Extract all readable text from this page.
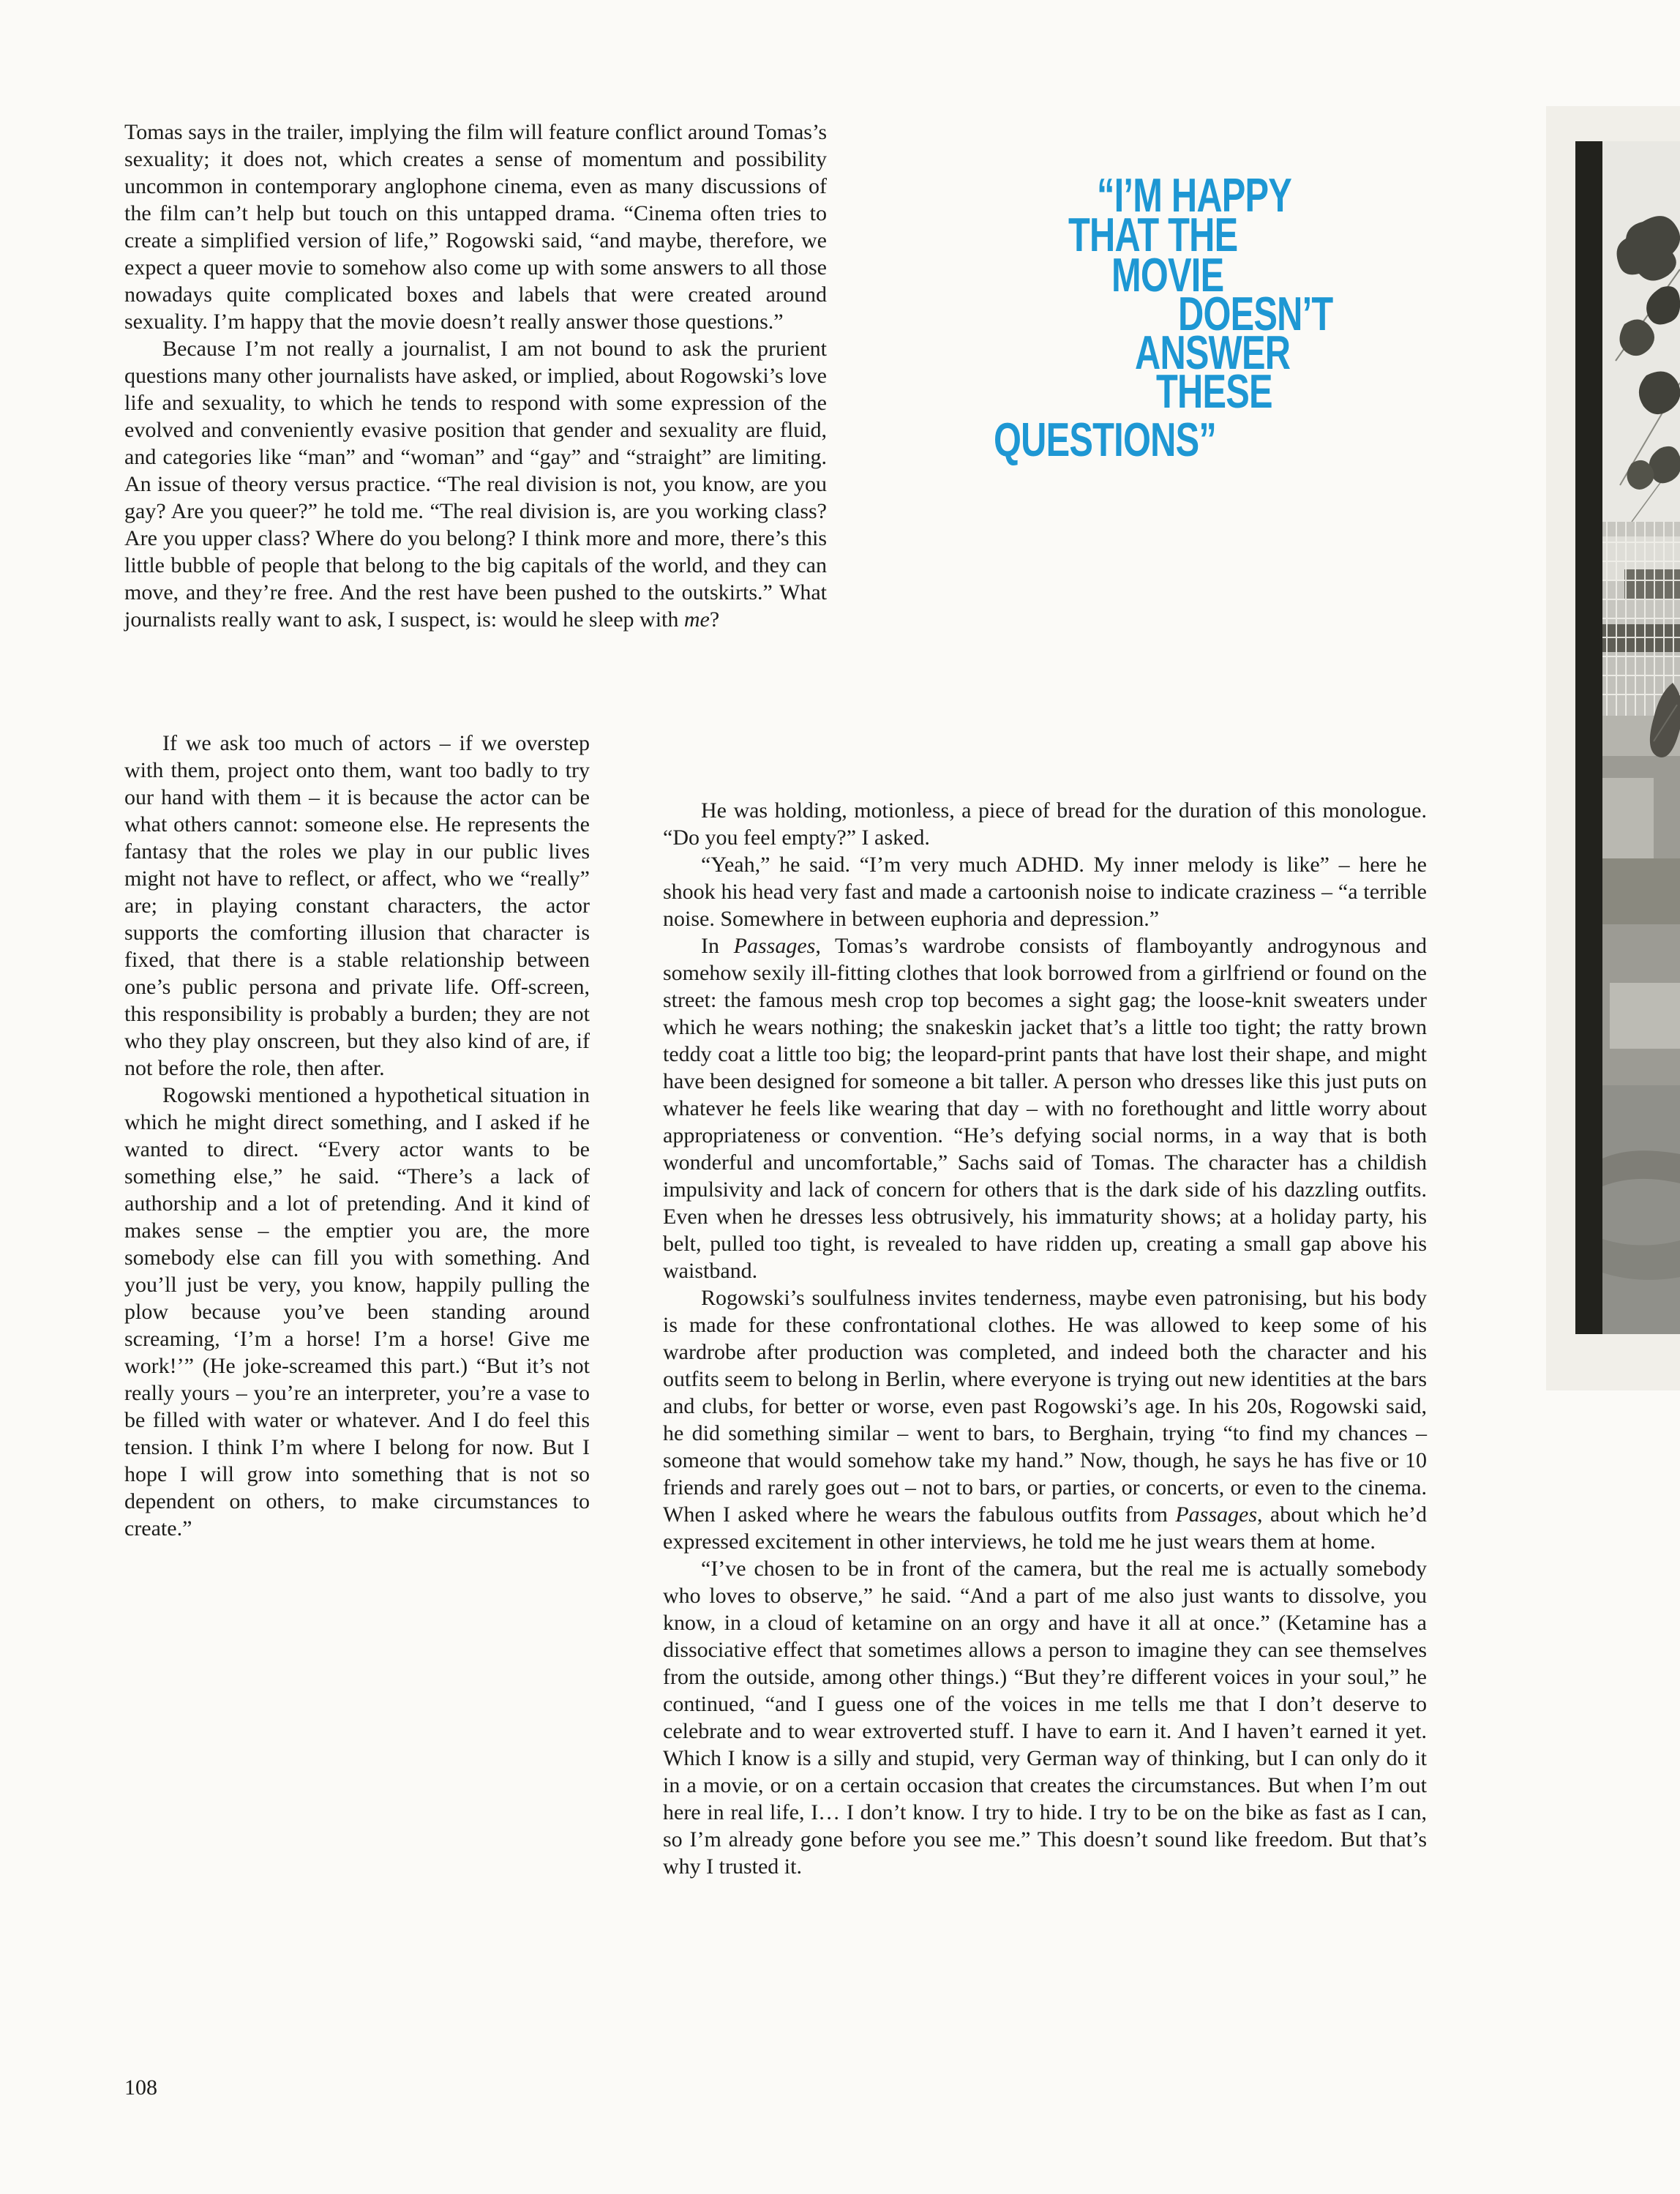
Tomas says in the trailer, implying the film will feature conflict around Tomas’s sexuality; it does not, which creates a sense of momentum and possibility uncommon in contemporary anglophone cinema, even as many discussions of the film can’t help but touch on this untapped drama. “Cinema often tries to create a simplified version of life,” Rogowski said, “and maybe, therefore, we expect a queer movie to somehow also come up with some answers to all those nowadays quite complicated boxes and labels that were created around sexuality. I’m happy that the movie doesn’t really answer those questions.”

Because I’m not really a journalist, I am not bound to ask the prurient questions many other journalists have asked, or implied, about Rogowski’s love life and sexuality, to which he tends to respond with some expression of the evolved and conveniently evasive position that gender and sexuality are fluid, and categories like “man” and “woman” and “gay” and “straight” are limiting. An issue of theory versus practice. “The real division is not, you know, are you gay? Are you queer?” he told me. “The real division is, are you working class? Are you upper class? Where do you belong? I think more and more, there’s this little bubble of people that belong to the big capitals of the world, and they can move, and they’re free. And the rest have been pushed to the outskirts.” What journalists really want to ask, I suspect, is: would he sleep with me?

If we ask too much of actors – if we overstep with them, project onto them, want too badly to try our hand with them – it is because the actor can be what others cannot: someone else. He represents the fantasy that the roles we play in our public lives might not have to reflect, or affect, who we “really” are; in playing constant characters, the actor supports the comforting illusion that character is fixed, that there is a stable relationship between one’s public persona and private life. Off-screen, this responsibility is probably a burden; they are not who they play onscreen, but they also kind of are, if not before the role, then after.

Rogowski mentioned a hypothetical situation in which he might direct something, and I asked if he wanted to direct. “Every actor wants to be something else,” he said. “There’s a lack of authorship and a lot of pretending. And it kind of makes sense – the emptier you are, the more somebody else can fill you with something. And you’ll just be very, you know, happily pulling the plow because you’ve been standing around screaming, ‘I’m a horse! I’m a horse! Give me work!’” (He joke-screamed this part.) “But it’s not really yours – you’re an interpreter, you’re a vase to be filled with water or whatever. And I do feel this tension. I think I’m where I belong for now. But I hope I will grow into something that is not so dependent on others, to make circumstances to create.”

He was holding, motionless, a piece of bread for the duration of this monologue. “Do you feel empty?” I asked.

“Yeah,” he said. “I’m very much ADHD. My inner melody is like” – here he shook his head very fast and made a cartoonish noise to indicate craziness – “a terrible noise. Somewhere in between euphoria and depression.”

In Passages, Tomas’s wardrobe consists of flamboyantly androgynous and somehow sexily ill-fitting clothes that look borrowed from a girlfriend or found on the street: the famous mesh crop top becomes a sight gag; the loose-knit sweaters under which he wears nothing; the snakeskin jacket that’s a little too tight; the ratty brown teddy coat a little too big; the leopard-print pants that have lost their shape, and might have been designed for someone a bit taller. A person who dresses like this just puts on whatever he feels like wearing that day – with no forethought and little worry about appropriateness or convention. “He’s defying social norms, in a way that is both wonderful and uncomfortable,” Sachs said of Tomas. The character has a childish impulsivity and lack of concern for others that is the dark side of his dazzling outfits. Even when he dresses less obtrusively, his immaturity shows; at a holiday party, his belt, pulled too tight, is revealed to have ridden up, creating a small gap above his waistband.

Rogowski’s soulfulness invites tenderness, maybe even patronising, but his body is made for these confrontational clothes. He was allowed to keep some of his wardrobe after production was completed, and indeed both the character and his outfits seem to belong in Berlin, where everyone is trying out new identities at the bars and clubs, for better or worse, even past Rogowski’s age. In his 20s, Rogowski said, he did something similar – went to bars, to Berghain, trying “to find my chances – someone that would somehow take my hand.” Now, though, he says he has five or 10 friends and rarely goes out – not to bars, or parties, or concerts, or even to the cinema. When I asked where he wears the fabulous outfits from Passages, about which he’d expressed excitement in other interviews, he told me he just wears them at home.

“I’ve chosen to be in front of the camera, but the real me is actually somebody who loves to observe,” he said. “And a part of me also just wants to dissolve, you know, in a cloud of ketamine on an orgy and have it all at once.” (Ketamine has a dissociative effect that sometimes allows a person to imagine they can see themselves from the outside, among other things.) “But they’re different voices in your soul,” he continued, “and I guess one of the voices in me tells me that I don’t deserve to celebrate and to wear extroverted stuff. I have to earn it. And I haven’t earned it yet. Which I know is a silly and stupid, very German way of thinking, but I can only do it in a movie, or on a certain occasion that creates the circumstances. But when I’m out here in real life, I… I don’t know. I try to hide. I try to be on the bike as fast as I can, so I’m already gone before you see me.” This doesn’t sound like freedom. But that’s why I trusted it.

“I’M HAPPY
THAT THE
MOVIE
DOESN’T
ANSWER
THESE
QUESTIONS”
108
